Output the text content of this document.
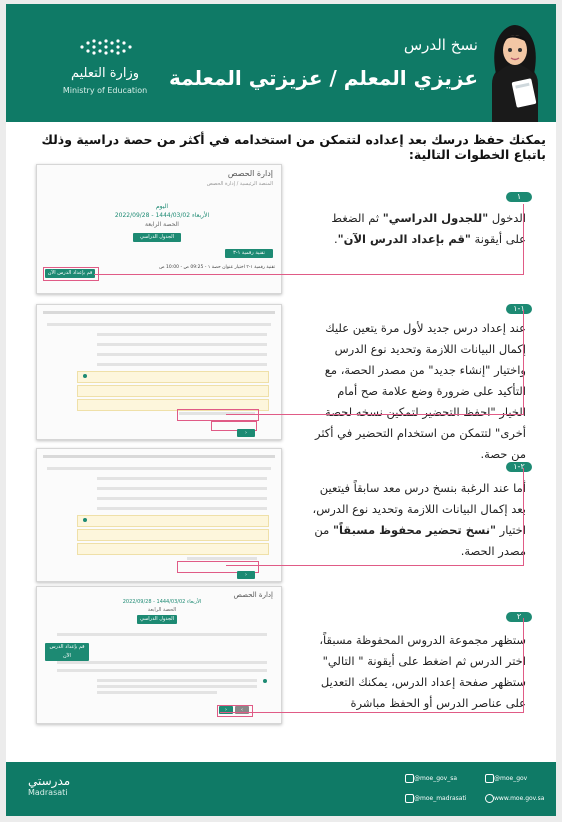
وزارة التعليم
Ministry of Education
نسخ الدرس
عزيزي المعلم / عزيزتي المعلمة
يمكنك حفظ درسك بعد إعداده لتتمكن من استخدامه في أكثر من حصة دراسية وذلك باتباع الخطوات التالية:
إدارة الحصص
المنصة الرئيسية / إدارة الحصص
اليوم
الأربعاء 1444/03/02 - 2022/09/28
الحصة الرابعة
الجدول الدراسي
تقنية رقمية ١-٣
تقنية رقمية ١-٣ اختيار عنوان حصة ١ - 09:25 ص - 10:00 ص
قم بإعداد الدرس الآن
١
الدخول "للجدول الدراسي" ثم الضغط على أيقونة "قم بإعداد الدرس الآن".
›
١-١
عند إعداد درس جديد لأول مرة يتعين عليك إكمال البيانات اللازمة وتحديد نوع الدرس واختيار "إنشاء جديد" من مصدر الحصة، مع التأكيد على ضرورة وضع علامة صح أمام الخيار "احفظ التحضير لتمكين نسخه لحصة أخرى" لتتمكن من استخدام التحضير في أكثر من حصة.
›
٢-١
أما عند الرغبة بنسخ درس معد سابقاً فيتعين بعد إكمال البيانات اللازمة وتحديد نوع الدرس، اختيار "نسخ تحضير محفوظ مسبقاً" من مصدر الحصة.
إدارة الحصص
الأربعاء 1444/03/02 - 2022/09/28
الحصة الرابعة
الجدول الدراسي
قم بإعداد الدرس الآن
›	‹
٢
ستظهر مجموعة الدروس المحفوظة مسبقاً، اختر الدرس ثم اضغط على أيقونة " التالي"
ستظهر صفحة إعداد الدرس، يمكنك التعديل على عناصر الدرس أو الحفظ مباشرة
مدرستي
Madrasati
@moe_gov_sa
@moe_madrasati
@moe_gov
www.moe.gov.sa
